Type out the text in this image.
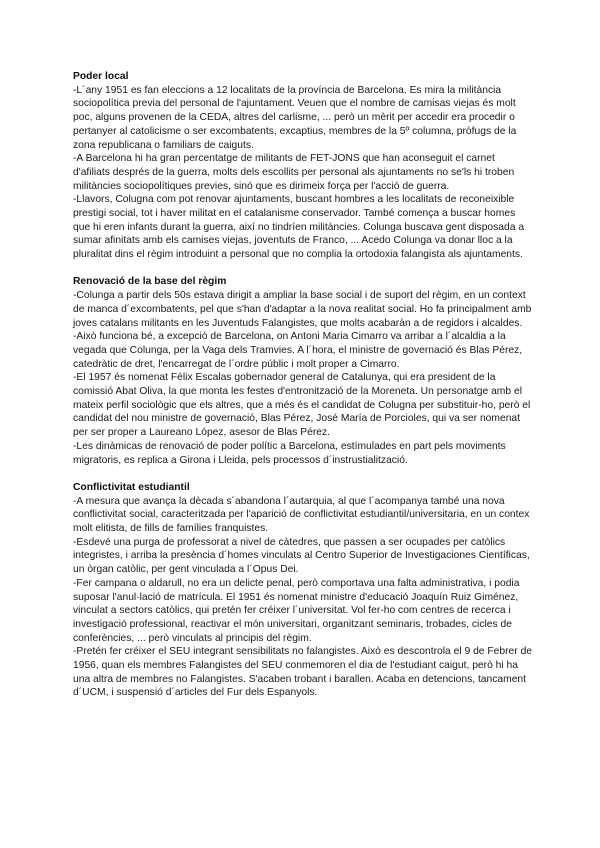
Poder local

-L´any 1951 es fan eleccions a 12 localitats de la província de Barcelona. Es mira la militància sociopolítica previa del personal de l'ajuntament. Veuen que el nombre de camisas viejas és molt poc, alguns provenen de la CEDA, altres del carlisme, ... però un mèrit per accedir era procedir o pertanyer al catolicisme o ser excombatents, excaptius, membres de la 5º columna, pròfugs de la zona republicana o familiars de caiguts.

-A Barcelona hi ha gran percentatge de militants de FET-JONS que han aconseguit el carnet d'afiliats després de la guerra, molts dels escollits per personal als ajuntaments no se'ls hi troben militàncies sociopolítiques previes, sinó que es dirimeix força per l'acció de guerra.

-Llavors, Colugna com pot renovar ajuntaments, buscant hombres a les localitats de reconeixible prestigi social, tot i haver militat en el catalanisme conservador. També comença a buscar homes que hi eren infants durant la guerra, així no tindríen militàncies. Colunga buscava gent disposada a sumar afinitats amb els camises viejas, joventuts de Franco, ... Acedo Colunga va donar lloc a la pluralitat dins el règim introduint a personal que no complia la ortodoxia falangista als ajuntaments.

Renovació de la base del règim

-Colunga a partir dels 50s estava dirigit a ampliar la base social i de suport del règim, en un context de manca d´excombatents, pel que s'han d'adaptar a la nova realitat social. Ho fa principalment amb joves catalans militants en les Juventuds Falangistes, que molts acabaràn a de regidors i alcaldes.

-Això funciona bé, a excepció de Barcelona, on Antoni Maria Cimarro va arribar a l´alcaldia a la vegada que Colunga, per la Vaga dels Tramvies. A l´hora, el ministre de governació és Blas Pérez, catedràtic de dret, l'encarregat de l´ordre públic i molt proper a Cimarro.

-El 1957 és nomenat Félix Escalas gobernador general de Catalunya, qui era president de la comissió Abat Oliva, la que monta les festes d'entronització de la Moreneta. Un personatge amb el mateix perfil sociològic que els altres, que a més és el candidat de Colugna per substituir-ho, però el candidat del nou ministre de governació, Blas Pérez, José María de Porcioles, qui va ser nomenat per ser proper a Laureano López, asesor de Blas Pérez.

-Les dinàmicas de renovació de poder polític a Barcelona, estímulades en part pels moviments migratoris, es replica a Girona i Lleida, pels processos d´instrustialització.

Conflictivitat estudiantil

-A mesura que avança la dècada s´abandona l´autarquia, al que l´acompanya també una nova conflictivitat social, caracteritzada per l'aparició de conflictivitat estudiantil/universitaria, en un contex molt elitista, de fills de famílies franquistes.

-Esdevé una purga de professorat a nivel de càtedres, que passen a ser ocupades per catòlics integristes, i arriba la presència d´homes vinculats al Centro Superior de Investigaciones Científicas, un òrgan catòlic, per gent vinculada a l´Opus Dei.

-Fer campana o aldarull, no era un delicte penal, però comportava una falta administrativa, i podia suposar l'anul·lació de matrícula. El 1951 és nomenat ministre d'educació Joaquín Ruiz Giménez, vinculat a sectors catòlics, qui pretén fer créixer l´universitat. Vol fer-ho com centres de recerca i investigació professional, reactivar el món universitari, organitzant seminaris, trobades, cicles de conferències, ... però vinculats al principis del règim.

-Pretén fer créixer el SEU integrant sensibilitats no falangistes. Això es descontrola el 9 de Febrer de 1956, quan els membres Falangistes del SEU conmemoren el dia de l'estudiant caigut, però hi ha una altra de membres no Falangistes. S'acaben trobant i barallen. Acaba en detencions, tancament d´UCM, i suspensió d´articles del Fur dels Espanyols.
